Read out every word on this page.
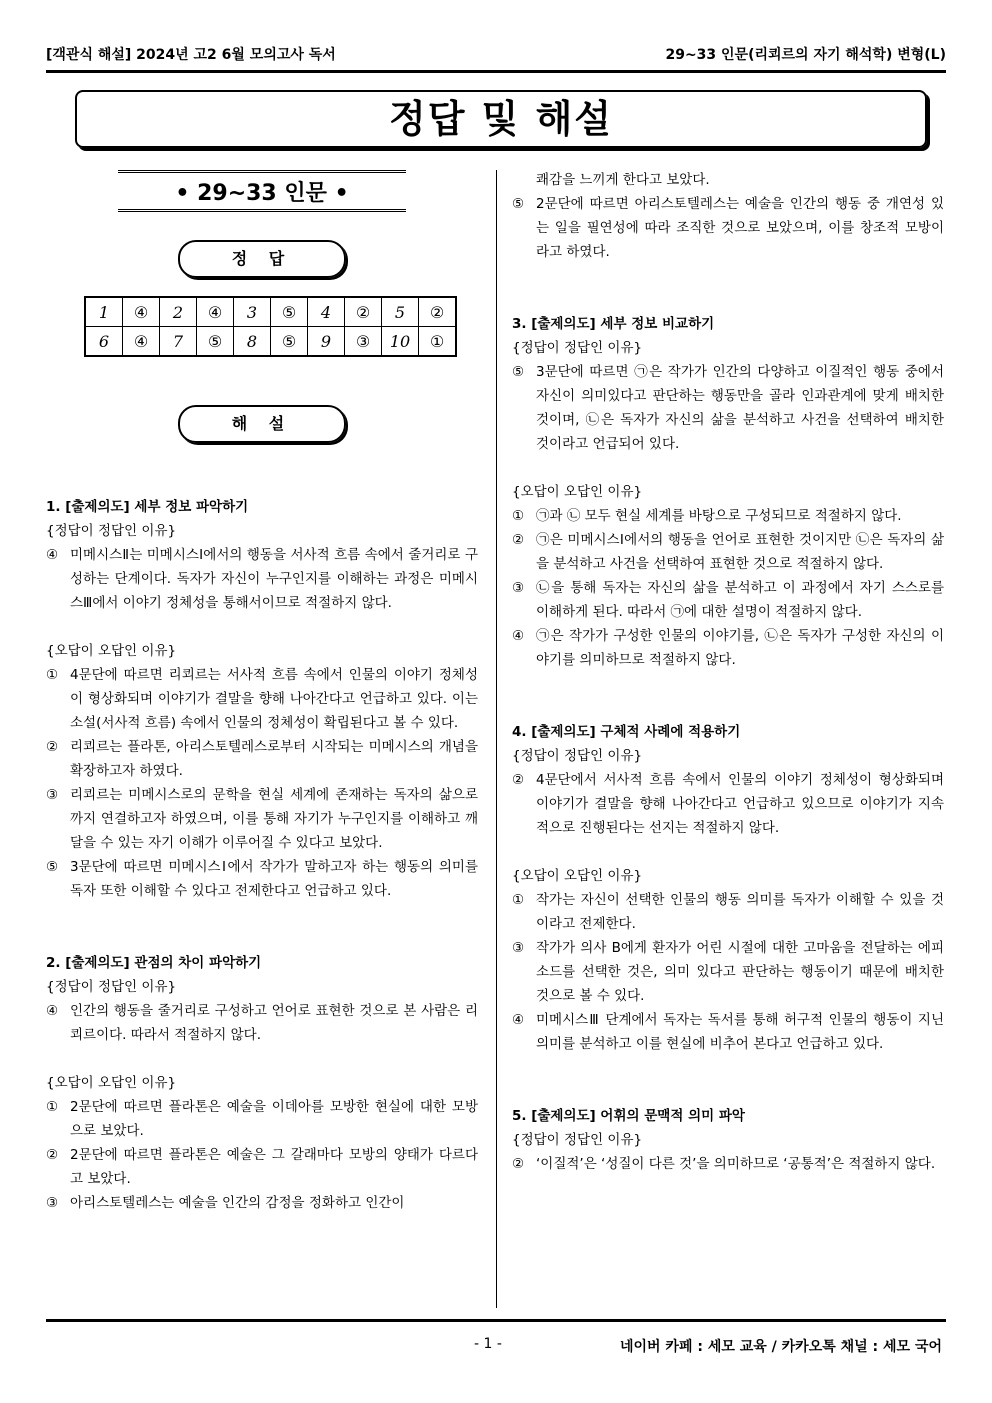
[객관식 해설] 2024년 고2 6월 모의고사 독서	29~33 인문(리쾨르의 자기 해석학) 변형(L)
정답 및 해설
• 29~33 인문 •
정 답
1	④	2	④	3	⑤	4	②	5	②
6	④	7	⑤	8	⑤	9	③	10	①
해 설

1. [출제의도] 세부 정보 파악하기

{정답이 정답인 이유}

④ 미메시스Ⅱ는 미메시스Ⅰ에서의 행동을 서사적 흐름 속에서 줄거리로 구성하는 단계이다. 독자가 자신이 누구인지를 이해하는 과정은 미메시스Ⅲ에서 이야기 정체성을 통해서이므로 적절하지 않다.

{오답이 오답인 이유}

① 4문단에 따르면 리쾨르는 서사적 흐름 속에서 인물의 이야기 정체성이 형상화되며 이야기가 결말을 향해 나아간다고 언급하고 있다. 이는 소설(서사적 흐름) 속에서 인물의 정체성이 확립된다고 볼 수 있다.

② 리쾨르는 플라톤, 아리스토텔레스로부터 시작되는 미메시스의 개념을 확장하고자 하였다.

③ 리쾨르는 미메시스로의 문학을 현실 세계에 존재하는 독자의 삶으로까지 연결하고자 하였으며, 이를 통해 자기가 누구인지를 이해하고 깨달을 수 있는 자기 이해가 이루어질 수 있다고 보았다.

⑤ 3문단에 따르면 미메시스Ⅰ에서 작가가 말하고자 하는 행동의 의미를 독자 또한 이해할 수 있다고 전제한다고 언급하고 있다.

2. [출제의도] 관점의 차이 파악하기

{정답이 정답인 이유}

④ 인간의 행동을 줄거리로 구성하고 언어로 표현한 것으로 본 사람은 리쾨르이다. 따라서 적절하지 않다.

{오답이 오답인 이유}

① 2문단에 따르면 플라톤은 예술을 이데아를 모방한 현실에 대한 모방으로 보았다.

② 2문단에 따르면 플라톤은 예술은 그 갈래마다 모방의 양태가 다르다고 보았다.

③ 아리스토텔레스는 예술을 인간의 감정을 정화하고 인간이

쾌감을 느끼게 한다고 보았다.

⑤ 2문단에 따르면 아리스토텔레스는 예술을 인간의 행동 중 개연성 있는 일을 필연성에 따라 조직한 것으로 보았으며, 이를 창조적 모방이라고 하였다.

3. [출제의도] 세부 정보 비교하기

{정답이 정답인 이유}

⑤ 3문단에 따르면 ㉠은 작가가 인간의 다양하고 이질적인 행동 중에서 자신이 의미있다고 판단하는 행동만을 골라 인과관계에 맞게 배치한 것이며, ㉡은 독자가 자신의 삶을 분석하고 사건을 선택하여 배치한 것이라고 언급되어 있다.

{오답이 오답인 이유}

① ㉠과 ㉡ 모두 현실 세계를 바탕으로 구성되므로 적절하지 않다.

② ㉠은 미메시스Ⅰ에서의 행동을 언어로 표현한 것이지만 ㉡은 독자의 삶을 분석하고 사건을 선택하여 표현한 것으로 적절하지 않다.

③ ㉡을 통해 독자는 자신의 삶을 분석하고 이 과정에서 자기 스스로를 이해하게 된다. 따라서 ㉠에 대한 설명이 적절하지 않다.

④ ㉠은 작가가 구성한 인물의 이야기를, ㉡은 독자가 구성한 자신의 이야기를 의미하므로 적절하지 않다.

4. [출제의도] 구체적 사례에 적용하기

{정답이 정답인 이유}

② 4문단에서 서사적 흐름 속에서 인물의 이야기 정체성이 형상화되며 이야기가 결말을 향해 나아간다고 언급하고 있으므로 이야기가 지속적으로 진행된다는 선지는 적절하지 않다.

{오답이 오답인 이유}

① 작가는 자신이 선택한 인물의 행동 의미를 독자가 이해할 수 있을 것이라고 전제한다.

③ 작가가 의사 B에게 환자가 어린 시절에 대한 고마움을 전달하는 에피소드를 선택한 것은, 의미 있다고 판단하는 행동이기 때문에 배치한 것으로 볼 수 있다.

④ 미메시스Ⅲ 단계에서 독자는 독서를 통해 허구적 인물의 행동이 지닌 의미를 분석하고 이를 현실에 비추어 본다고 언급하고 있다.

5. [출제의도] 어휘의 문맥적 의미 파악

{정답이 정답인 이유}

② ‘이질적’은 ‘성질이 다른 것’을 의미하므로 ‘공통적’은 적절하지 않다.

- 1 -	네이버 카페 : 세모 교육 / 카카오톡 채널 : 세모 국어
